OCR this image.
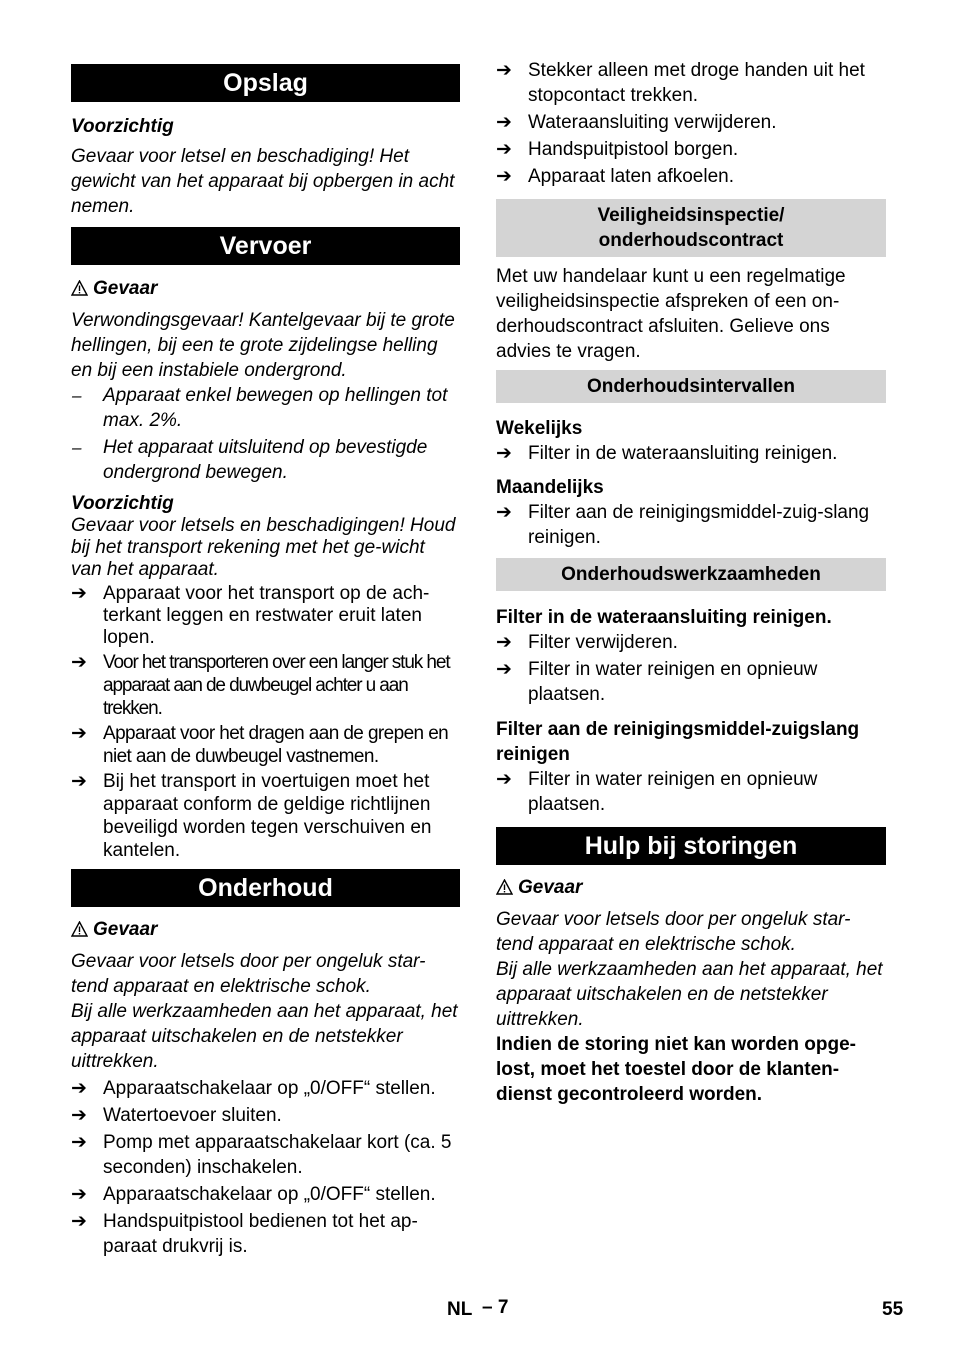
Opslag
Voorzichtig

Gevaar voor letsel en beschadiging! Het gewicht van het apparaat bij opbergen in acht nemen.

Vervoer
Gevaar

Verwondingsgevaar! Kantelgevaar bij te grote hellingen, bij een te grote zijdelingse helling en bij een instabiele ondergrond.

–	Apparaat enkel bewegen op hellingen tot max. 2%.
–	Het apparaat uitsluitend op bevestigde ondergrond bewegen.
Voorzichtig

Gevaar voor letsels en beschadigingen! Houd bij het transport rekening met het ge-wicht van het apparaat.

➔ Apparaat voor het transport op de ach-terkant leggen en restwater eruit laten lopen.
➔ Voor het transporteren over een langer stuk het apparaat aan de duwbeugel achter u aan trekken.
➔ Apparaat voor het dragen aan de grepen en niet aan de duwbeugel vastnemen.
➔ Bij het transport in voertuigen moet het apparaat conform de geldige richtlijnen beveiligd worden tegen verschuiven en kantelen.
Onderhoud
Gevaar

Gevaar voor letsels door per ongeluk star-tend apparaat en elektrische schok.

Bij alle werkzaamheden aan het apparaat, het apparaat uitschakelen en de netstekker uittrekken.

➔ Apparaatschakelaar op „0/OFF“ stellen.
➔ Watertoevoer sluiten.
➔ Pomp met apparaatschakelaar kort (ca. 5 seconden) inschakelen.
➔ Apparaatschakelaar op „0/OFF“ stellen.
➔ Handspuitpistool bedienen tot het ap-paraat drukvrij is.
➔ Stekker alleen met droge handen uit het stopcontact trekken.
➔ Wateraansluiting verwijderen.
➔ Handspuitpistool borgen.
➔ Apparaat laten afkoelen.
Veiligheidsinspectie/
onderhoudscontract

Met uw handelaar kunt u een regelmatige veiligheidsinspectie afspreken of een on-derhoudscontract afsluiten. Gelieve ons advies te vragen.

Onderhoudsintervallen
Wekelijks
➔ Filter in de wateraansluiting reinigen.
Maandelijks
➔ Filter aan de reinigingsmiddel-zuig-slang reinigen.
Onderhoudswerkzaamheden
Filter in de wateraansluiting reinigen.
➔ Filter verwijderen.
➔ Filter in water reinigen en opnieuw plaatsen.
Filter aan de reinigingsmiddel-zuigslang reinigen
➔ Filter in water reinigen en opnieuw plaatsen.
Hulp bij storingen
Gevaar

Gevaar voor letsels door per ongeluk star-tend apparaat en elektrische schok.

Bij alle werkzaamheden aan het apparaat, het apparaat uitschakelen en de netstekker uittrekken.

Indien de storing niet kan worden opge-lost, moet het toestel door de klanten-dienst gecontroleerd worden.

NL – 7	55
